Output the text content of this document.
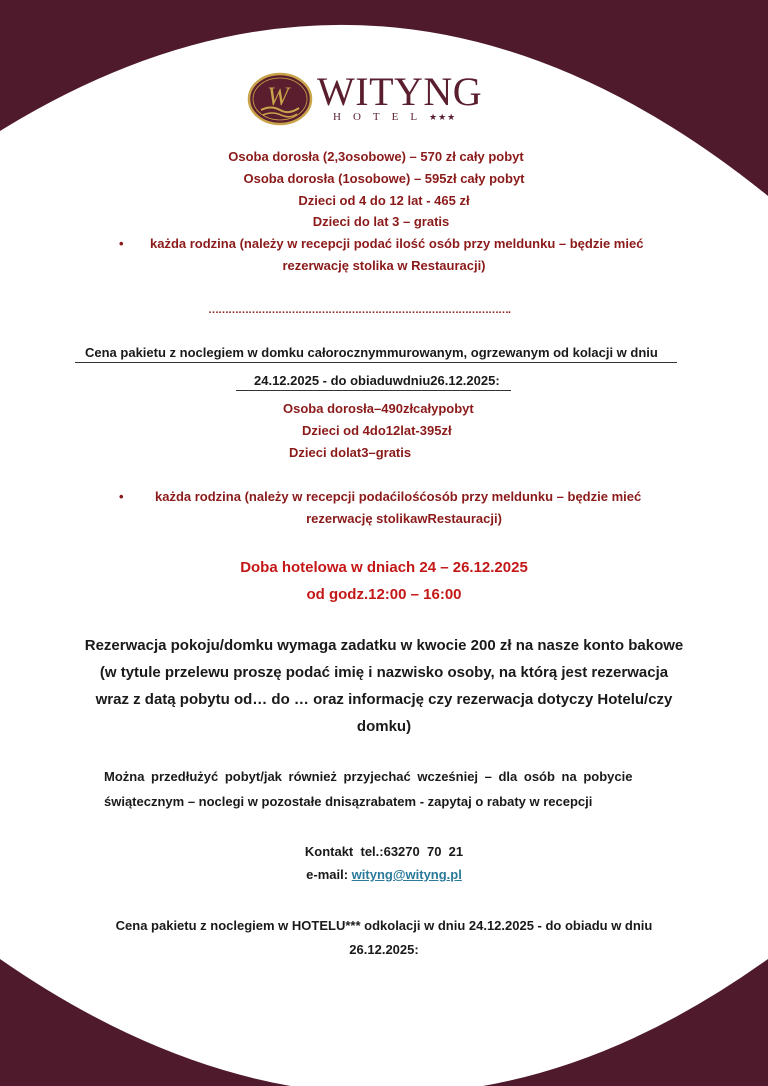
W WITYNG
HOTEL★★★
Osoba dorosła (2,3osobowe) – 570 zł cały pobyt
Osoba dorosła (1osobowe) – 595zł cały pobyt
Dzieci od 4 do 12 lat - 465 zł
Dzieci do lat 3 – gratis
• każda rodzina (należy w recepcji podać ilość osób przy meldunku – będzie mieć
rezerwację stolika w Restauracji)
……………………………………………………………………………….
Cena pakietu z noclegiem w domku całorocznymmurowanym, ogrzewanym od kolacji w dniu
24.12.2025 - do obiaduwdniu26.12.2025:
Osoba dorosła–490złcałypobyt
Dzieci od 4do12lat-395zł
Dzieci dolat3–gratis
• każda rodzina (należy w recepcji podaćilośćosób przy meldunku – będzie mieć
rezerwację stolikawRestauracji)
Doba hotelowa w dniach 24 – 26.12.2025
od godz.12:00 – 16:00
Rezerwacja pokoju/domku wymaga zadatku w kwocie 200 zł na nasze konto bakowe
(w tytule przelewu proszę podać imię i nazwisko osoby, na którą jest rezerwacja
wraz z datą pobytu od… do … oraz informację czy rezerwacja dotyczy Hotelu/czy
domku)
Można przedłużyć pobyt/jak również przyjechać wcześniej – dla osób na pobycie
świątecznym – noclegi w pozostałe dnisązrabatem - zapytaj o rabaty w recepcji
Kontakt  tel.:63270  70  21
e-mail: wityng@wityng.pl
Cena pakietu z noclegiem w HOTELU*** odkolacji w dniu 24.12.2025 - do obiadu w dniu
26.12.2025:
